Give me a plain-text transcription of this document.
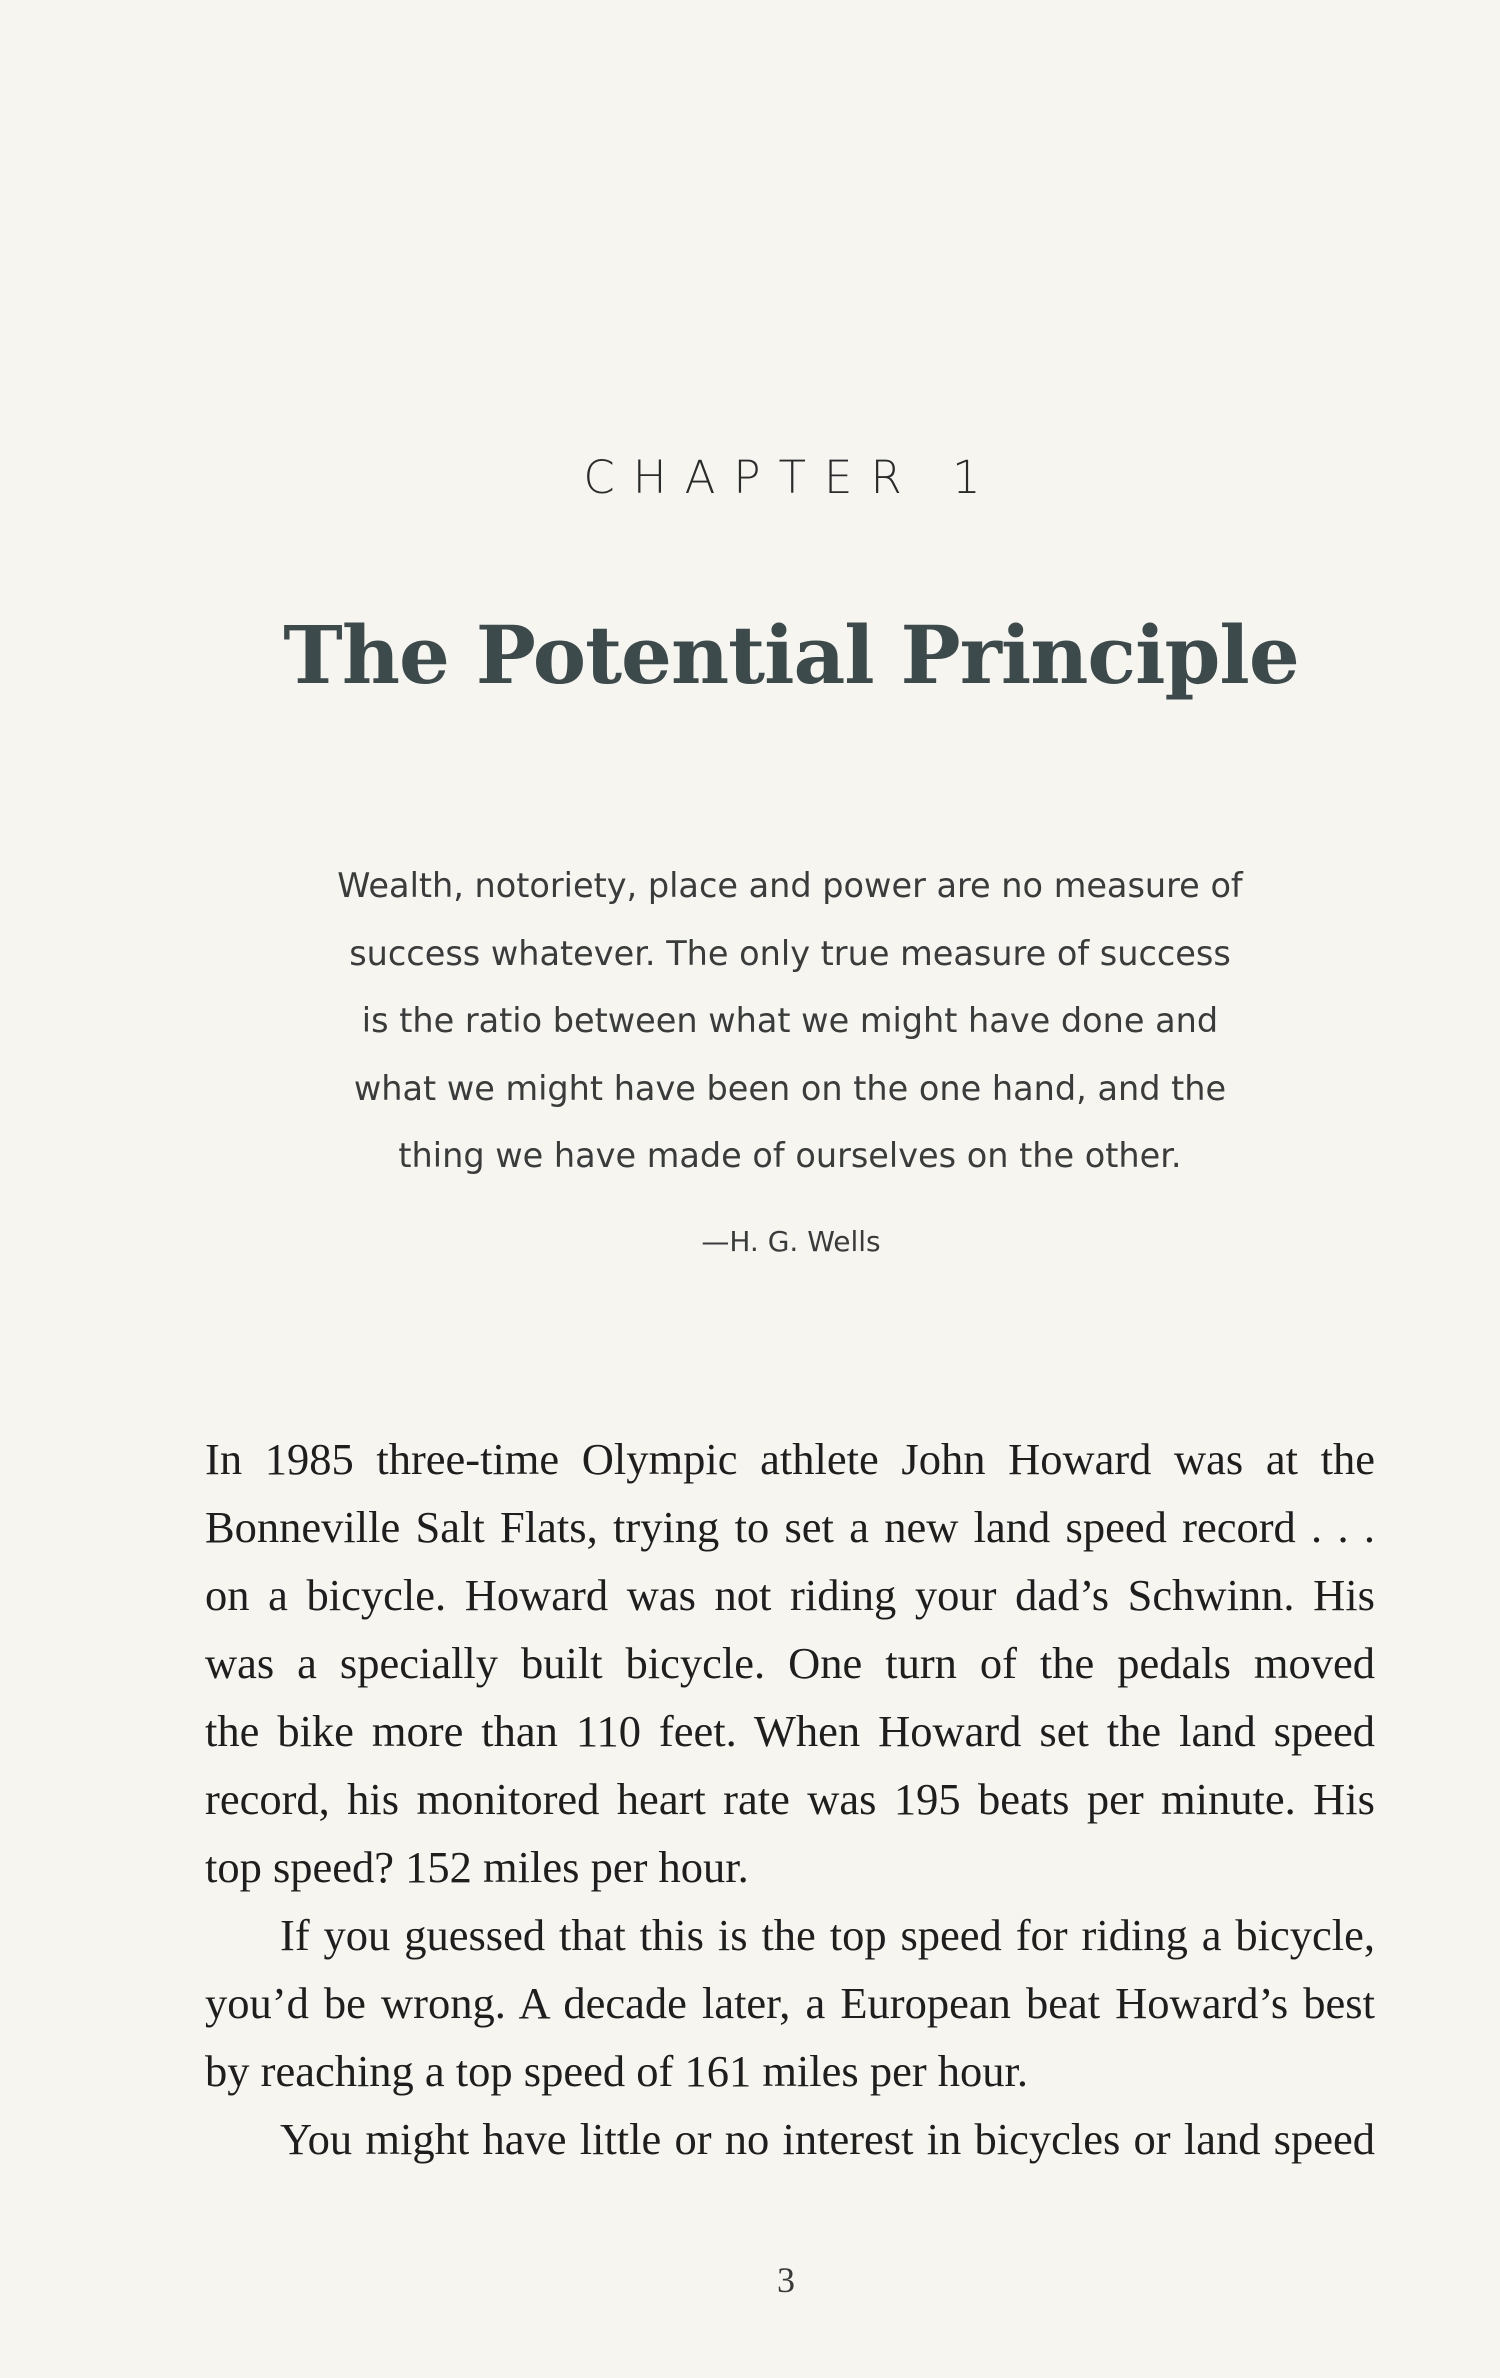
CHAPTER 1
The Potential Principle
Wealth, notoriety, place and power are no measure of
success whatever. The only true measure of success
is the ratio between what we might have done and
what we might have been on the one hand, and the
thing we have made of ourselves on the other.
—H. G. Wells

In 1985 three-time Olympic athlete John Howard was at the
Bonneville Salt Flats, trying to set a new land speed record . . .
on a bicycle. Howard was not riding your dad’s Schwinn. His
was a specially built bicycle. One turn of the pedals moved
the bike more than 110 feet. When Howard set the land speed
record, his monitored heart rate was 195 beats per minute. His
top speed? 152 miles per hour.

If you guessed that this is the top speed for riding a bicycle,
you’d be wrong. A decade later, a European beat Howard’s best
by reaching a top speed of 161 miles per hour.

You might have little or no interest in bicycles or land speed

3
